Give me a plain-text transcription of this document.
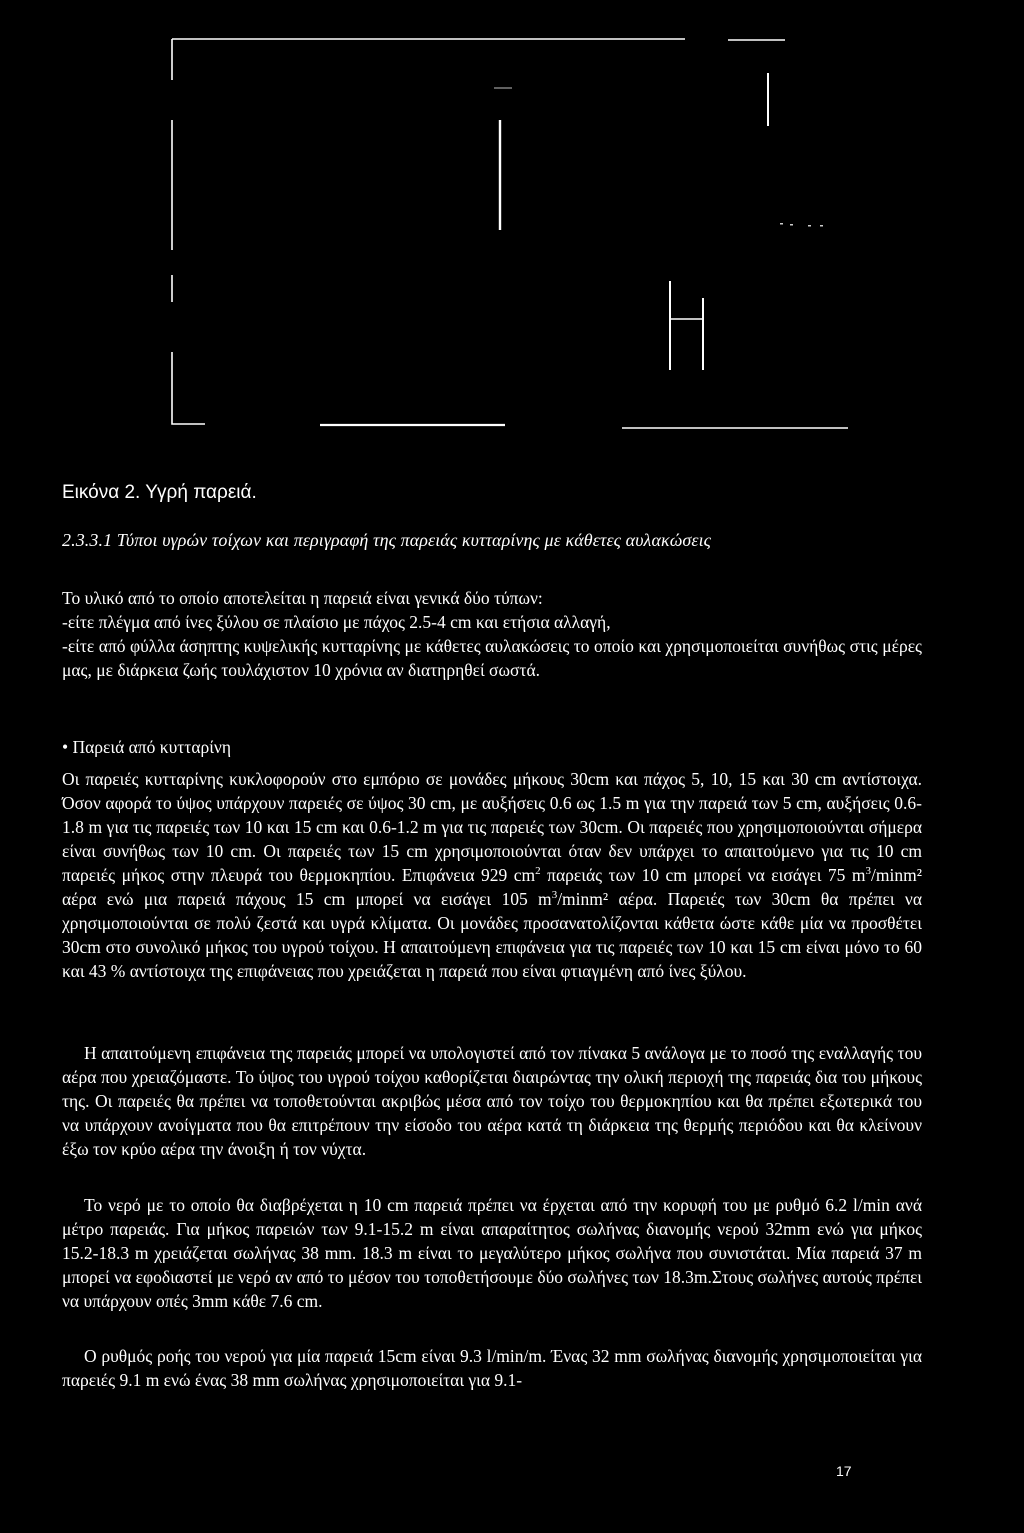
Εικόνα 2. Υγρή παρειά.
2.3.3.1 Τύποι υγρών τοίχων και περιγραφή της παρειάς κυτταρίνης με κάθετες αυλακώσεις
Το υλικό από το οποίο αποτελείται η παρειά είναι γενικά δύο τύπων:
-είτε πλέγμα από ίνες ξύλου σε πλαίσιο με πάχος 2.5-4 cm και ετήσια αλλαγή,
-είτε από φύλλα άσηπτης κυψελικής κυτταρίνης με κάθετες αυλακώσεις το οποίο και χρησιμοποιείται συνήθως στις μέρες μας, με διάρκεια ζωής τουλάχιστον 10 χρόνια αν διατηρηθεί σωστά.
• Παρειά από κυτταρίνη
Οι παρειές κυτταρίνης κυκλοφορούν στο εμπόριο σε μονάδες μήκους 30cm και πάχος 5, 10, 15 και 30 cm αντίστοιχα. Όσον αφορά το ύψος υπάρχουν παρειές σε ύψος 30 cm, με αυξήσεις 0.6 ως 1.5 m για την παρειά των 5 cm, αυξήσεις 0.6-1.8 m για τις παρειές των 10 και 15 cm και 0.6-1.2 m για τις παρειές των 30cm. Οι παρειές που χρησιμοποιούνται σήμερα είναι συνήθως των 10 cm. Οι παρειές των 15 cm χρησιμοποιούνται όταν δεν υπάρχει το απαιτούμενο για τις 10 cm παρειές μήκος στην πλευρά του θερμοκηπίου. Επιφάνεια 929 $cm^2$ παρειάς των 10 cm μπορεί να εισάγει 75 $m^3$/minm² αέρα ενώ μια παρειά πάχους 15 cm μπορεί να εισάγει 105 $m^3$/minm² αέρα. Παρειές των 30cm θα πρέπει να χρησιμοποιούνται σε πολύ ζεστά και υγρά κλίματα. Οι μονάδες προσανατολίζονται κάθετα ώστε κάθε μία να προσθέτει 30cm στο συνολικό μήκος του υγρού τοίχου. Η απαιτούμενη επιφάνεια για τις παρειές των 10 και 15 cm είναι μόνο το 60 και 43 % αντίστοιχα της επιφάνειας που χρειάζεται η παρειά που είναι φτιαγμένη από ίνες ξύλου.
Η απαιτούμενη επιφάνεια της παρειάς μπορεί να υπολογιστεί από τον πίνακα 5 ανάλογα με το ποσό της εναλλαγής του αέρα που χρειαζόμαστε. Το ύψος του υγρού τοίχου καθορίζεται διαιρώντας την ολική περιοχή της παρειάς δια του μήκους της. Οι παρειές θα πρέπει να τοποθετούνται ακριβώς μέσα από τον τοίχο του θερμοκηπίου και θα πρέπει εξωτερικά του να υπάρχουν ανοίγματα που θα επιτρέπουν την είσοδο του αέρα κατά τη διάρκεια της θερμής περιόδου και θα κλείνουν έξω τον κρύο αέρα την άνοιξη ή τον νύχτα.
Το νερό με το οποίο θα διαβρέχεται η 10 cm παρειά πρέπει να έρχεται από την κορυφή του με ρυθμό 6.2 l/min ανά μέτρο παρειάς. Για μήκος παρειών των 9.1-15.2 m είναι απαραίτητος σωλήνας διανομής νερού 32mm ενώ για μήκος 15.2-18.3 m χρειάζεται σωλήνας 38 mm. 18.3 m είναι το μεγαλύτερο μήκος σωλήνα που συνιστάται. Μία παρειά 37 m μπορεί να εφοδιαστεί με νερό αν από το μέσον του τοποθετήσουμε δύο σωλήνες των 18.3m.Στους σωλήνες αυτούς πρέπει να υπάρχουν οπές 3mm κάθε 7.6 cm.
Ο ρυθμός ροής του νερού για μία παρειά 15cm είναι 9.3 l/min/m. Ένας 32 mm σωλήνας διανομής χρησιμοποιείται για παρειές 9.1 m ενώ ένας 38 mm σωλήνας χρησιμοποιείται για 9.1-
17
